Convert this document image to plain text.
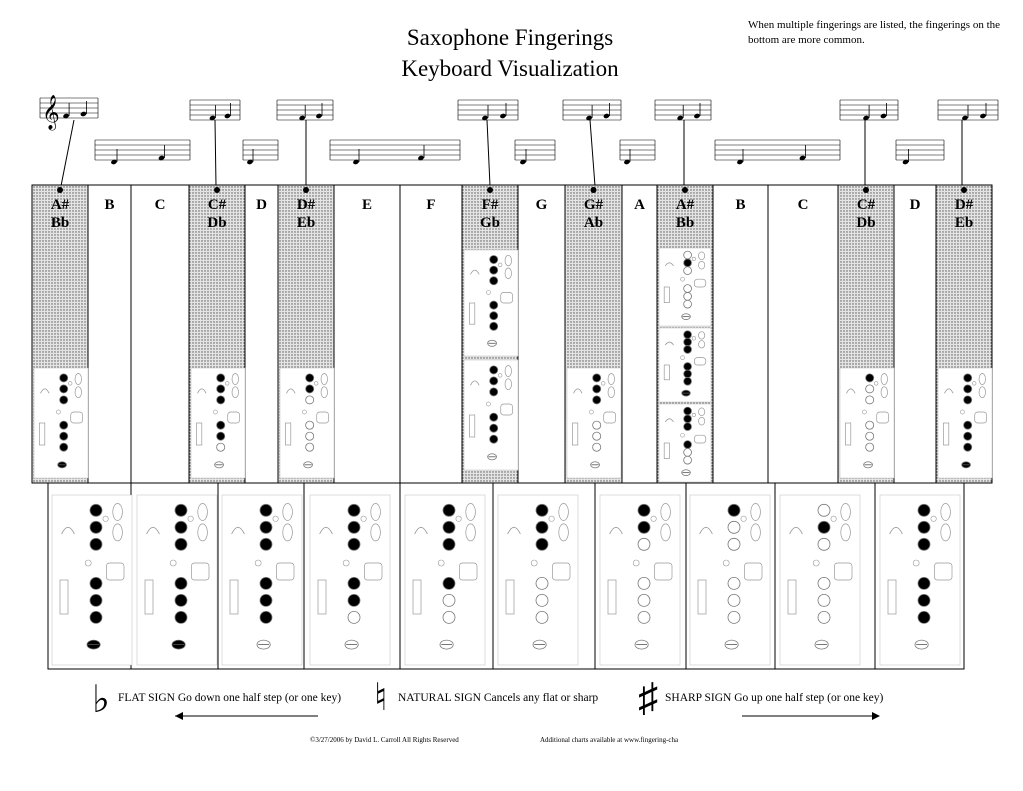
Saxophone Fingerings
Keyboard Visualization
When multiple fingerings are listed, the fingerings on the bottom are more common.
𝄞
A#
Bb
C#
Db
D#
Eb
F#
Gb
G#
Ab
A#
Bb
C#
Db
D#
Eb
B	C	D	E	F	G	A	B	C	D
♭ FLAT SIGN Go down one half step (or one key) ♮ NATURAL SIGN Cancels any flat or sharp ♯ SHARP SIGN Go up one half step (or one key)
©3/27/2006 by David L. Carroll All Rights Reserved	Additional charts available at www.fingering-cha
